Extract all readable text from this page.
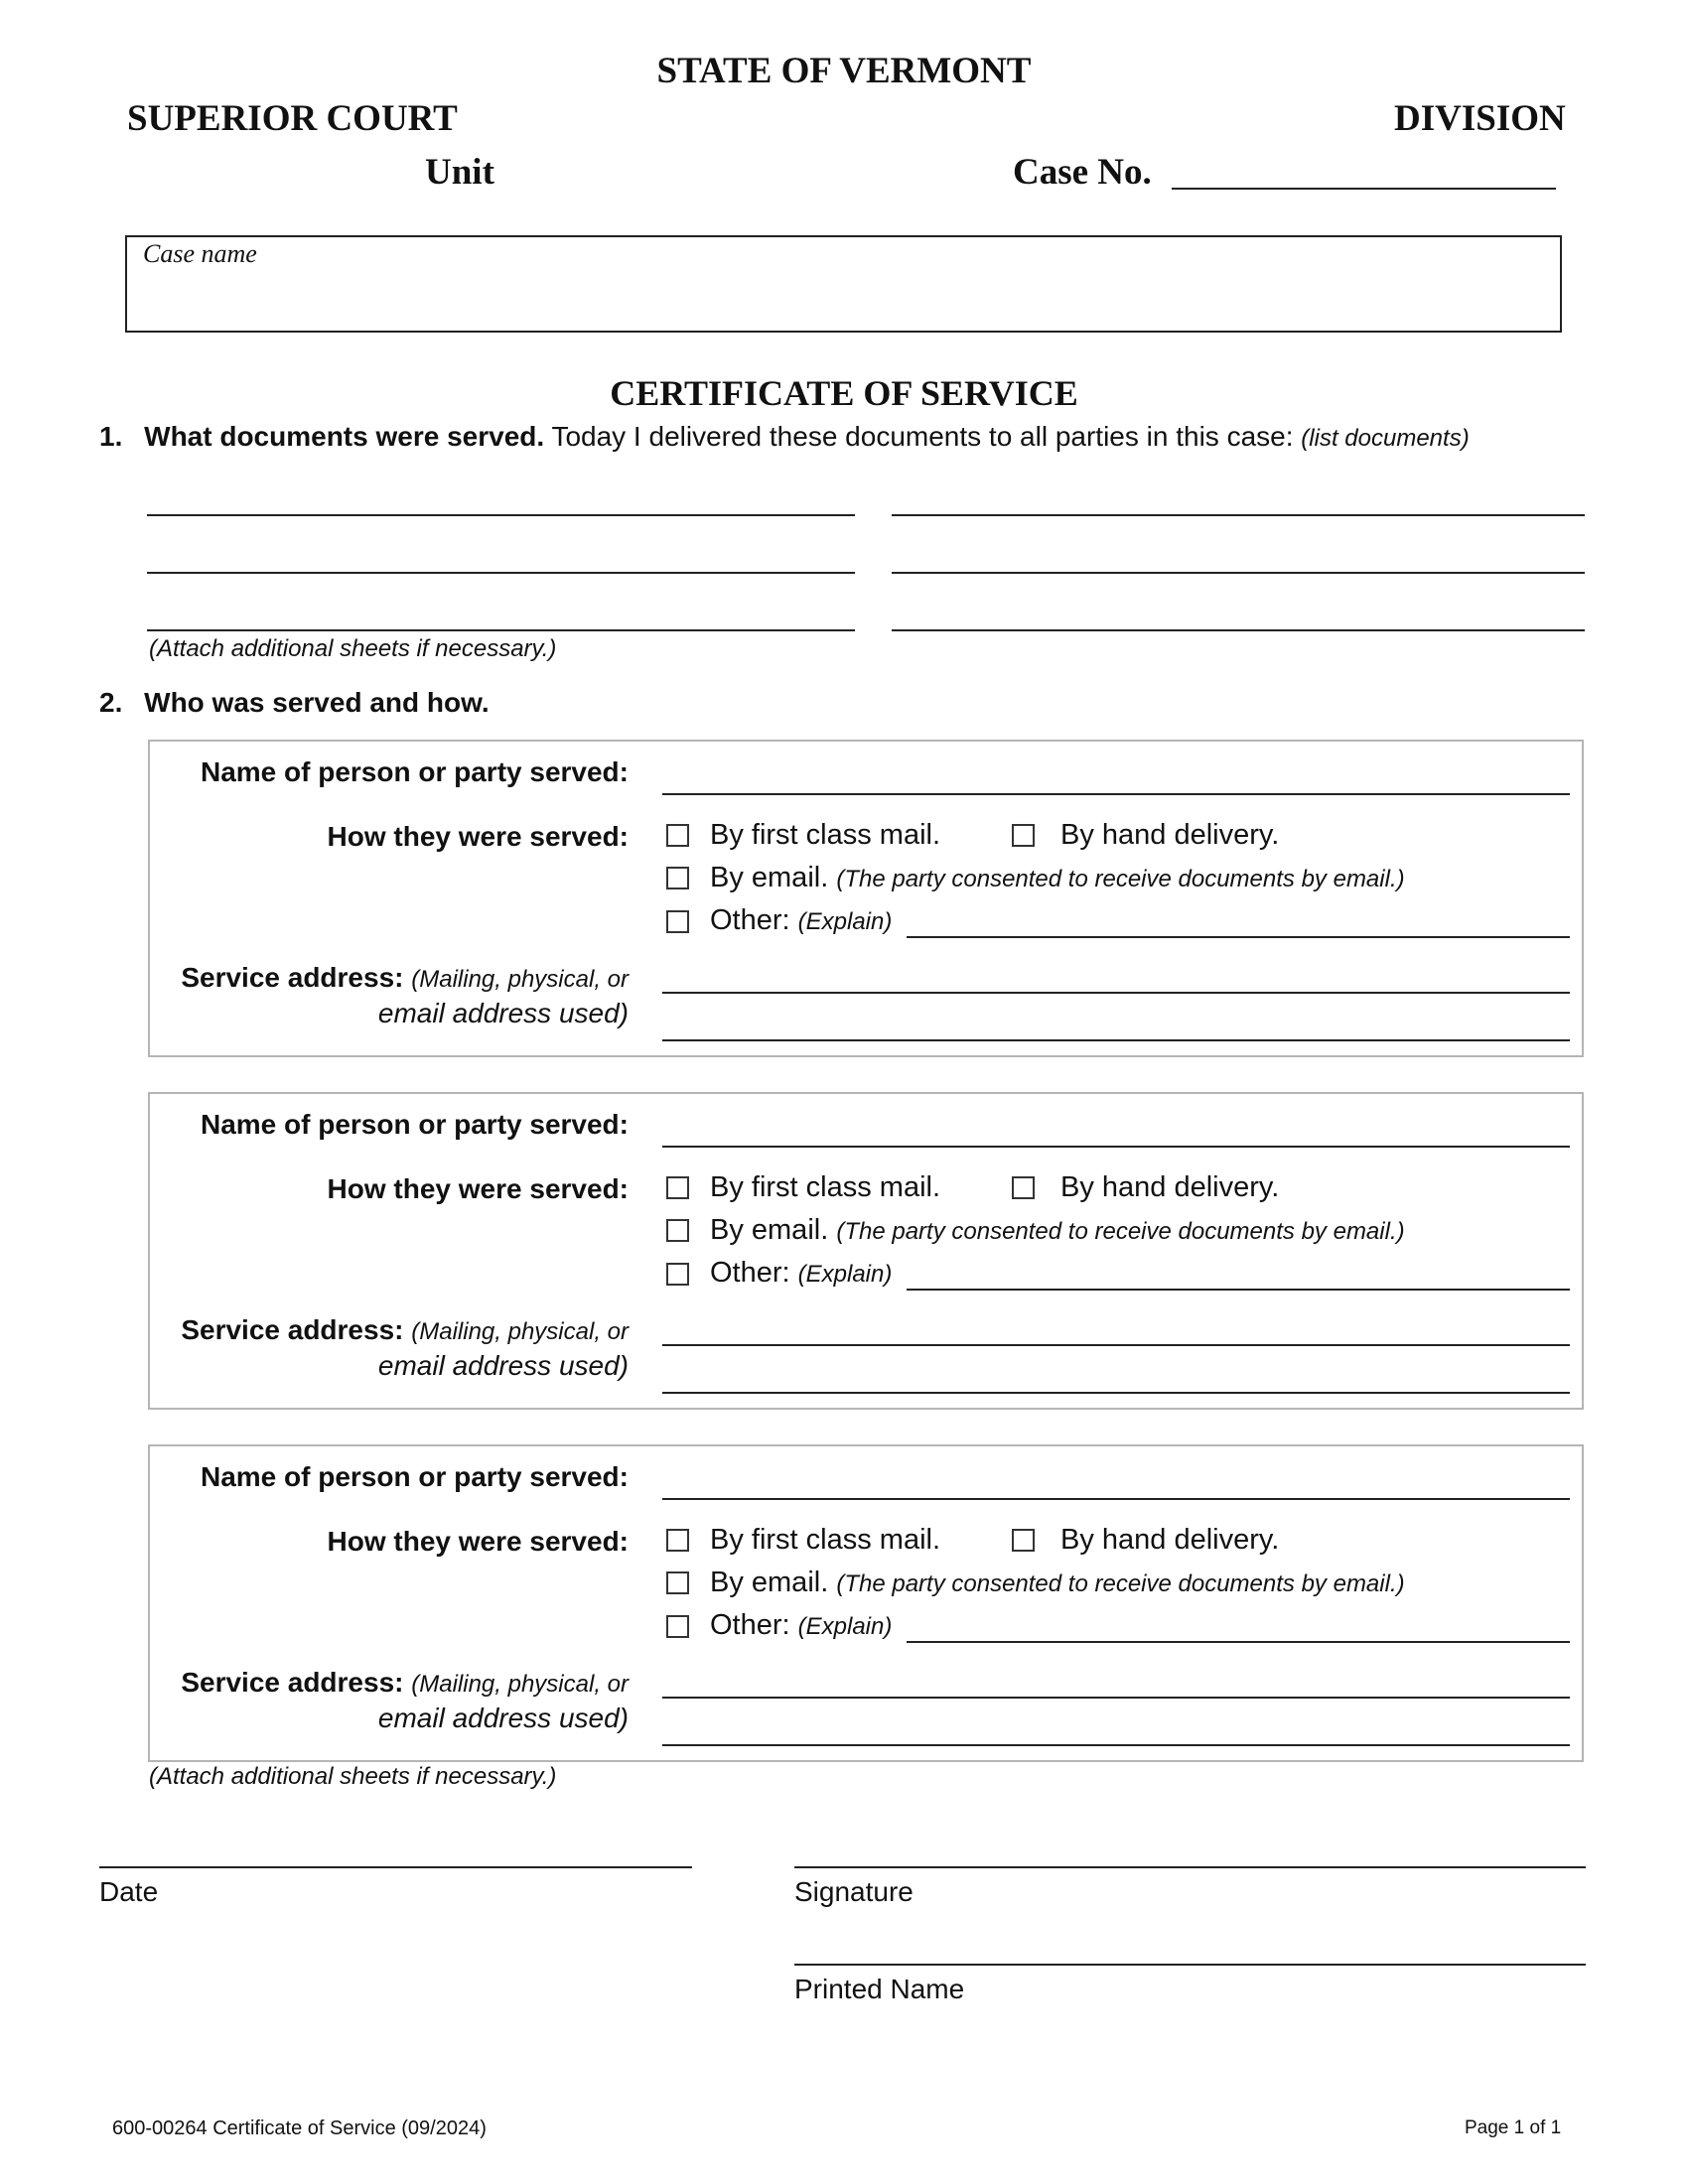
STATE OF VERMONT
SUPERIOR COURT	DIVISION
Unit	Case No.
Case name
CERTIFICATE OF SERVICE
1. What documents were served. Today I delivered these documents to all parties in this case: (list documents)
(Attach additional sheets if necessary.)
2. Who was served and how.
Name of person or party served:
How they were served:	By first class mail.	By hand delivery.
By email. (The party consented to receive documents by email.)
Other: (Explain)
Service address: (Mailing, physical, or
email address used)
Name of person or party served:
How they were served:	By first class mail.	By hand delivery.
By email. (The party consented to receive documents by email.)
Other: (Explain)
Service address: (Mailing, physical, or
email address used)
Name of person or party served:
How they were served:	By first class mail.	By hand delivery.
By email. (The party consented to receive documents by email.)
Other: (Explain)
Service address: (Mailing, physical, or
email address used)
(Attach additional sheets if necessary.)
Date	Signature
Printed Name
600-00264 Certificate of Service (09/2024)	Page 1 of 1
